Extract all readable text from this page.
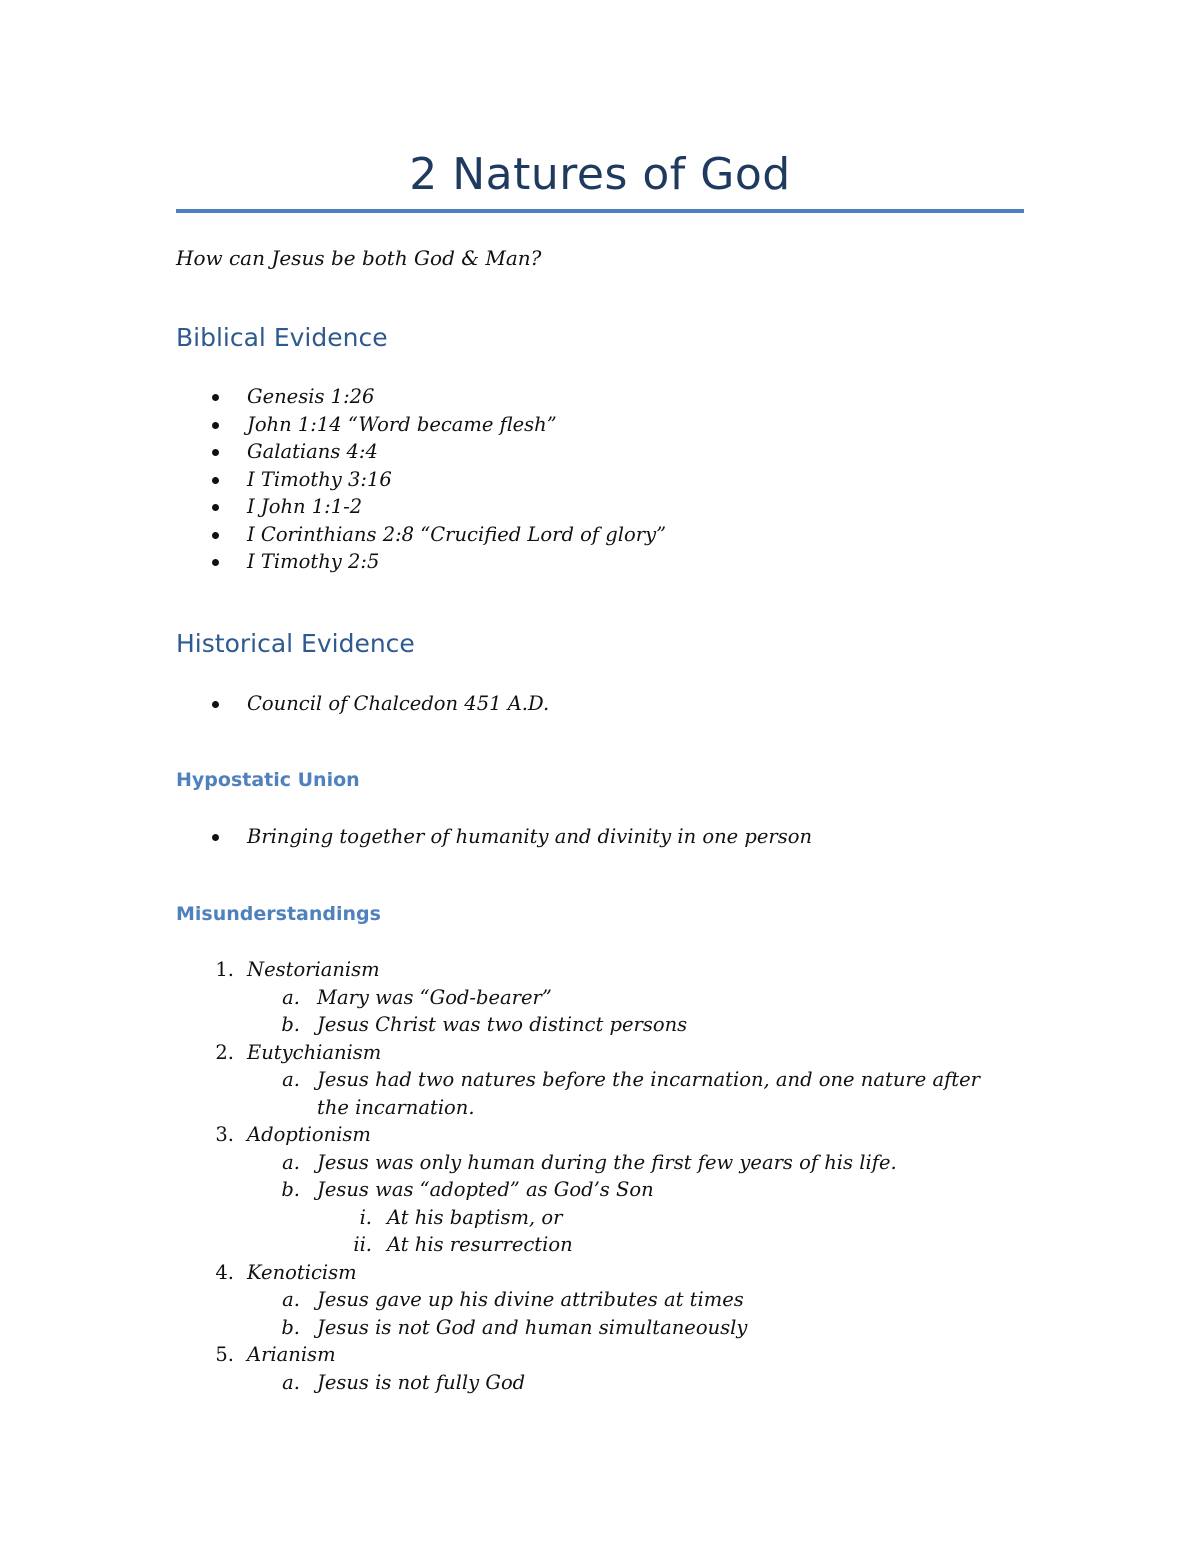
2 Natures of God
How can Jesus be both God & Man?
Biblical Evidence
Genesis 1:26
John 1:14 “Word became flesh”
Galatians 4:4
I Timothy 3:16
I John 1:1-2
I Corinthians 2:8 “Crucified Lord of glory”
I Timothy 2:5
Historical Evidence
Council of Chalcedon 451 A.D.
Hypostatic Union
Bringing together of humanity and divinity in one person
Misunderstandings
1. Nestorianism
a. Mary was “God-bearer”
b. Jesus Christ was two distinct persons
2. Eutychianism
a. Jesus had two natures before the incarnation, and one nature after the incarnation.
3. Adoptionism
a. Jesus was only human during the first few years of his life.
b. Jesus was “adopted” as God’s Son
i. At his baptism, or
ii. At his resurrection
4. Kenoticism
a. Jesus gave up his divine attributes at times
b. Jesus is not God and human simultaneously
5. Arianism
a. Jesus is not fully God
